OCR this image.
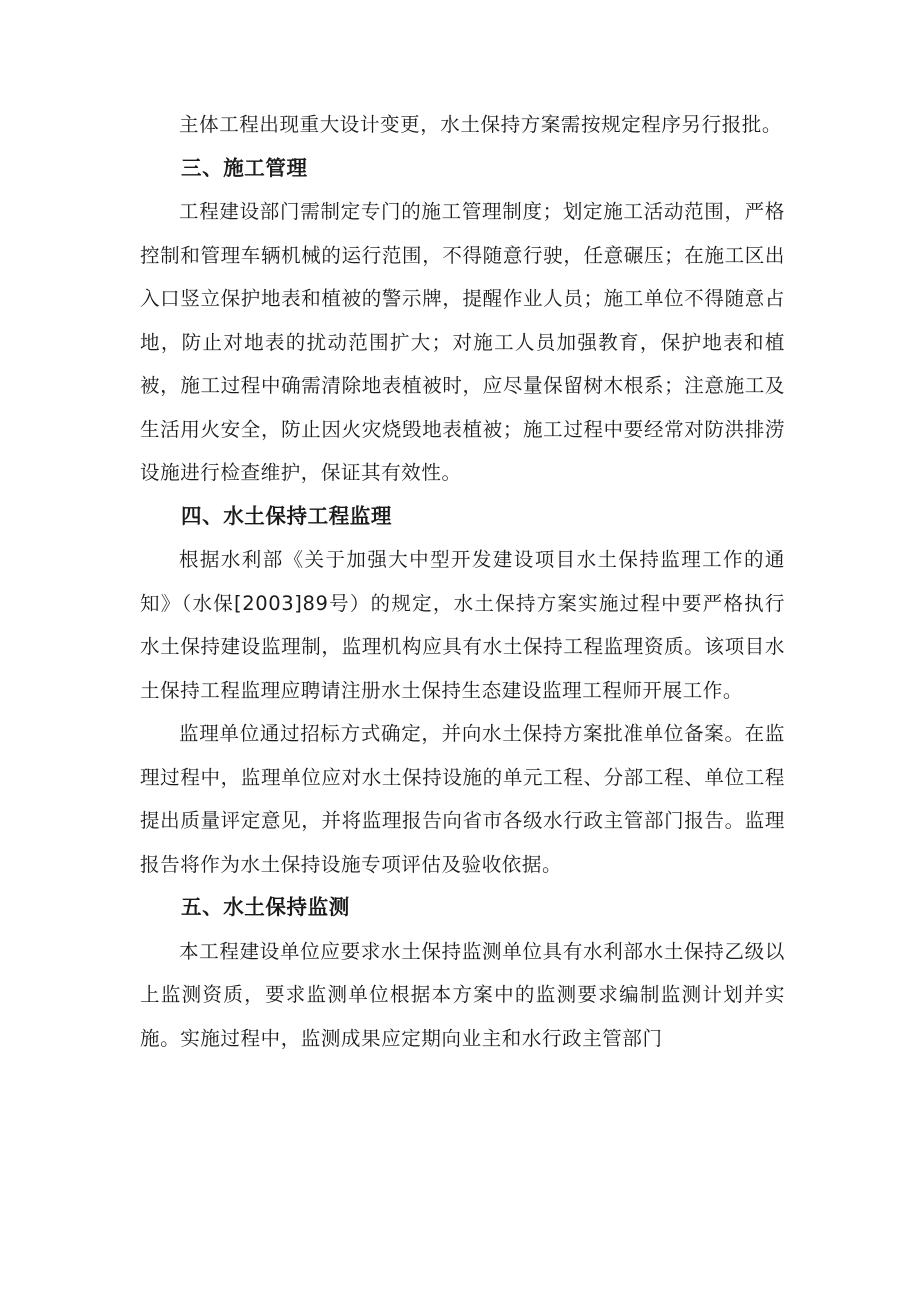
主体工程出现重大设计变更，水土保持方案需按规定程序另行报批。

三、施工管理

工程建设部门需制定专门的施工管理制度；划定施工活动范围，严格控制和管理车辆机械的运行范围，不得随意行驶，任意碾压；在施工区出入口竖立保护地表和植被的警示牌，提醒作业人员；施工单位不得随意占地，防止对地表的扰动范围扩大；对施工人员加强教育，保护地表和植被，施工过程中确需清除地表植被时，应尽量保留树木根系；注意施工及生活用火安全，防止因火灾烧毁地表植被；施工过程中要经常对防洪排涝设施进行检查维护，保证其有效性。

四、水土保持工程监理

根据水利部《关于加强大中型开发建设项目水土保持监理工作的通知》（水保[2003]89号）的规定，水土保持方案实施过程中要严格执行水土保持建设监理制，监理机构应具有水土保持工程监理资质。该项目水土保持工程监理应聘请注册水土保持生态建设监理工程师开展工作。

监理单位通过招标方式确定，并向水土保持方案批准单位备案。在监理过程中，监理单位应对水土保持设施的单元工程、分部工程、单位工程提出质量评定意见，并将监理报告向省市各级水行政主管部门报告。监理报告将作为水土保持设施专项评估及验收依据。

五、水土保持监测

本工程建设单位应要求水土保持监测单位具有水利部水土保持乙级以上监测资质，要求监测单位根据本方案中的监测要求编制监测计划并实施。实施过程中，监测成果应定期向业主和水行政主管部门
